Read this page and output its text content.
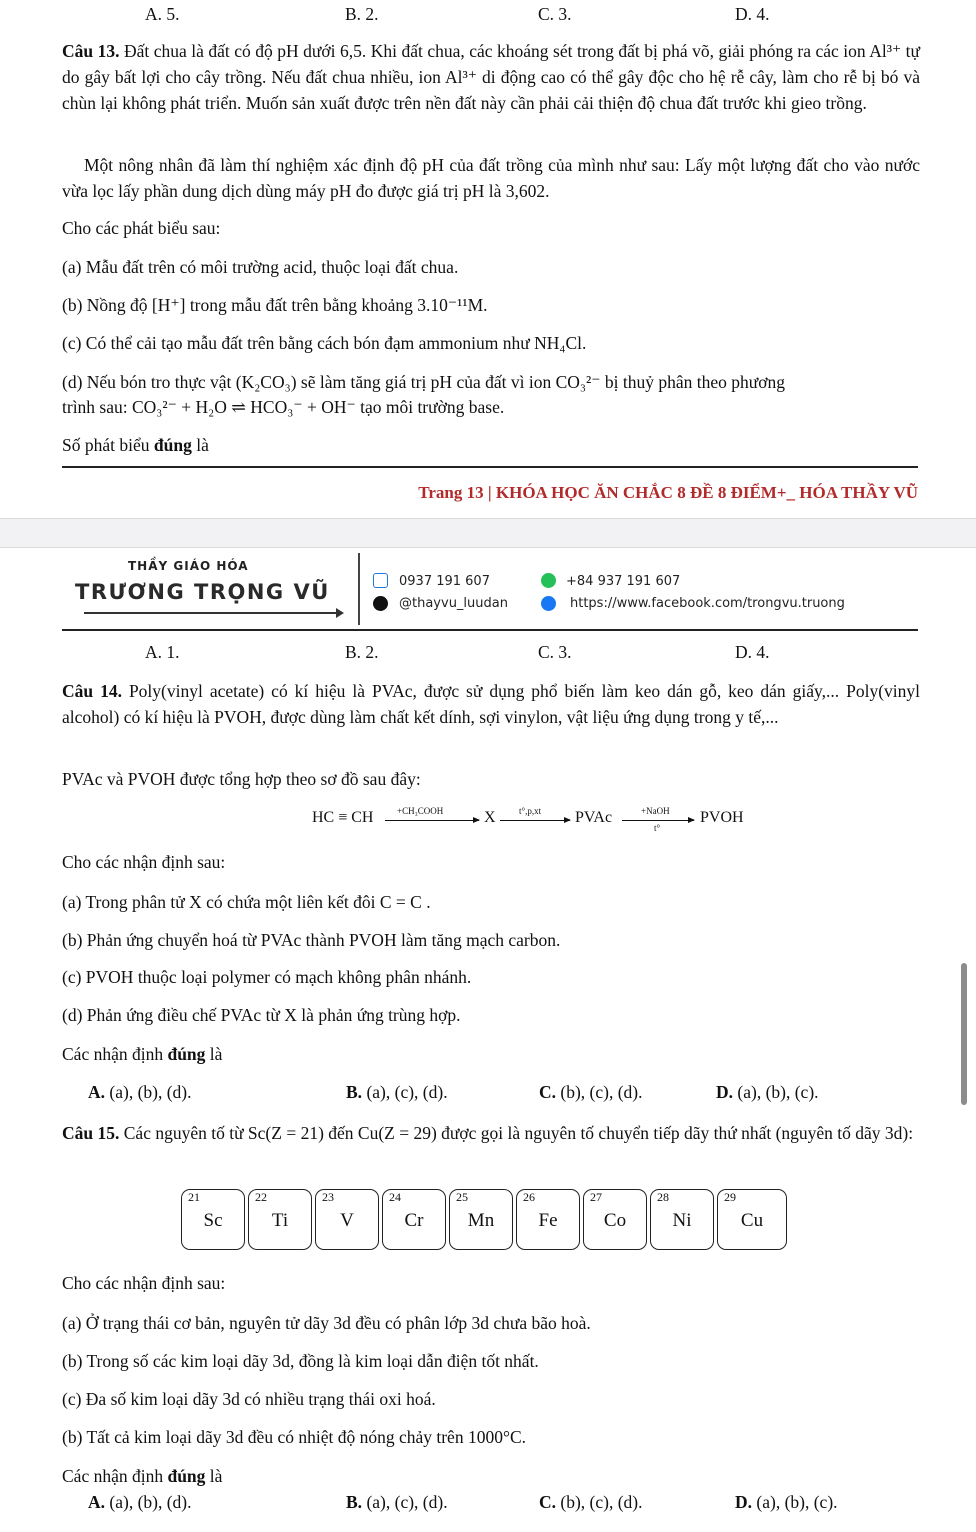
A. 5.	B. 2.	C. 3.	D. 4.
Câu 13. Đất chua là đất có độ pH dưới 6,5. Khi đất chua, các khoáng sét trong đất bị phá võ, giải phóng ra các ion Al³⁺ tự do gây bất lợi cho cây trồng. Nếu đất chua nhiều, ion Al³⁺ di động cao có thể gây độc cho hệ rễ cây, làm cho rễ bị bó và chùn lại không phát triển. Muốn sản xuất được trên nền đất này cần phải cải thiện độ chua đất trước khi gieo trồng.
Một nông nhân đã làm thí nghiệm xác định độ pH của đất trồng của mình như sau: Lấy một lượng đất cho vào nước vừa lọc lấy phần dung dịch dùng máy pH đo được giá trị pH là 3,602.
Cho các phát biểu sau:
(a) Mẫu đất trên có môi trường acid, thuộc loại đất chua.
(b) Nồng độ [H⁺] trong mẫu đất trên bằng khoảng 3.10⁻¹¹M.
(c) Có thể cải tạo mẫu đất trên bằng cách bón đạm ammonium như NH₄Cl.
(d) Nếu bón tro thực vật (K₂CO₃) sẽ làm tăng giá trị pH của đất vì ion CO₃²⁻ bị thuỷ phân theo phương
trình sau: CO₃²⁻ + H₂O ⇌ HCO₃⁻ + OH⁻ tạo môi trường base.
Số phát biểu đúng là
Trang 13 | KHÓA HỌC ĂN CHẮC 8 ĐỀ 8 ĐIỂM+_ HÓA THẦY VŨ
THẦY GIÁO HÓA
TRƯƠNG TRỌNG VŨ	0937 191 607	+84 937 191 607
@thayvu_luudan	https://www.facebook.com/trongvu.truong
A. 1.	B. 2.	C. 3.	D. 4.
Câu 14. Poly(vinyl acetate) có kí hiệu là PVAc, được sử dụng phổ biến làm keo dán gỗ, keo dán giấy,... Poly(vinyl alcohol) có kí hiệu là PVOH, được dùng làm chất kết dính, sợi vinylon, vật liệu ứng dụng trong y tế,...
PVAc và PVOH được tổng hợp theo sơ đồ sau đây:
HC ≡ CH	+CH₃COOH	X	t°,p,xt PVAc	+NaOH
t°
PVOH
Cho các nhận định sau:
(a) Trong phân tử X có chứa một liên kết đôi C = C .
(b) Phản ứng chuyển hoá từ PVAc thành PVOH làm tăng mạch carbon.
(c) PVOH thuộc loại polymer có mạch không phân nhánh.
(d) Phản ứng điều chế PVAc từ X là phản ứng trùng hợp.
Các nhận định đúng là
A. (a), (b), (d).	B. (a), (c), (d).	C. (b), (c), (d).	D. (a), (b), (c).
Câu 15. Các nguyên tố từ Sc(Z = 21) đến Cu(Z = 29) được gọi là nguyên tố chuyển tiếp dãy thứ nhất (nguyên tố dãy 3d):
21
Sc
22
Ti
23
V
24
Cr
25
Mn
26
Fe
27
Co
28
Ni
29
Cu
Cho các nhận định sau:
(a) Ở trạng thái cơ bản, nguyên tử dãy 3d đều có phân lớp 3d chưa bão hoà.
(b) Trong số các kim loại dãy 3d, đồng là kim loại dẫn điện tốt nhất.
(c) Đa số kim loại dãy 3d có nhiều trạng thái oxi hoá.
(b) Tất cả kim loại dãy 3d đều có nhiệt độ nóng chảy trên 1000°C.
Các nhận định đúng là
A. (a), (b), (d).	B. (a), (c), (d).	C. (b), (c), (d).	D. (a), (b), (c).
